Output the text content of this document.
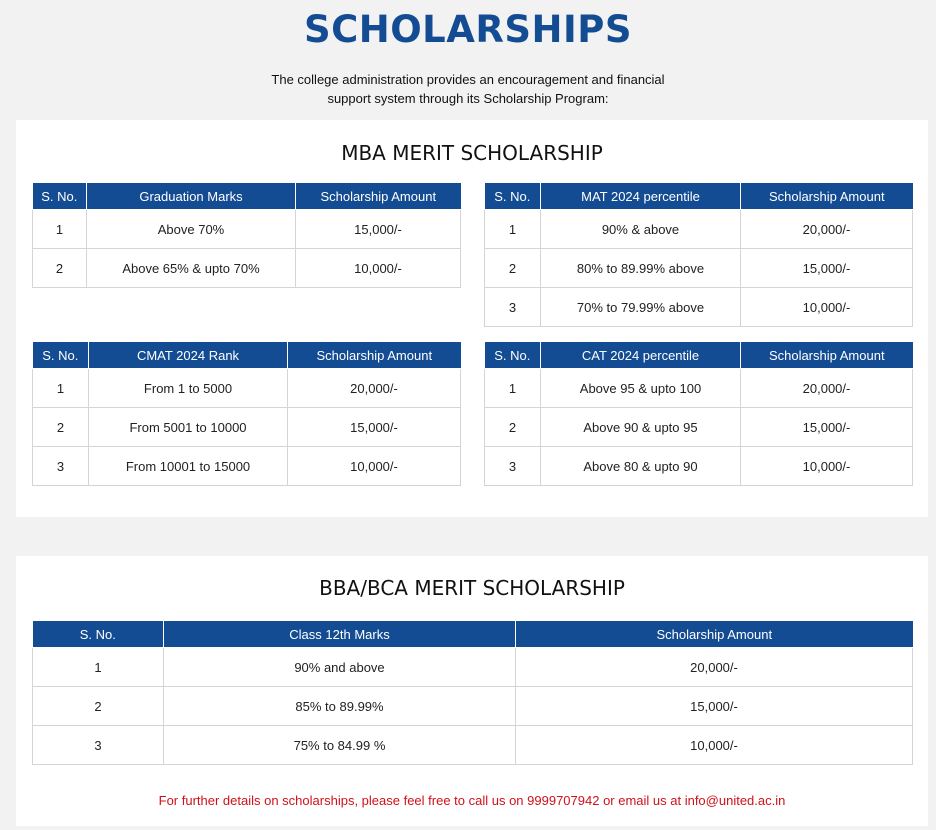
SCHOLARSHIPS

The college administration provides an encouragement and financial support system through its Scholarship Program:

MBA MERIT SCHOLARSHIP
S. No.	Graduation Marks	Scholarship Amount
1	Above 70%	15,000/-
2	Above 65% & upto 70%	10,000/-
S. No.	MAT 2024 percentile	Scholarship Amount
1	90% & above	20,000/-
2	80% to 89.99% above	15,000/-
3	70% to 79.99% above	10,000/-
S. No.	CMAT 2024 Rank	Scholarship Amount
1	From 1 to 5000	20,000/-
2	From 5001 to 10000	15,000/-
3	From 10001 to 15000	10,000/-
S. No.	CAT 2024 percentile	Scholarship Amount
1	Above 95 & upto 100	20,000/-
2	Above 90 & upto 95	15,000/-
3	Above 80 & upto 90	10,000/-
BBA/BCA MERIT SCHOLARSHIP
S. No.	Class 12th Marks	Scholarship Amount
1	90% and above	20,000/-
2	85% to 89.99%	15,000/-
3	75% to 84.99 %	10,000/-

For further details on scholarships, please feel free to call us on 9999707942 or email us at info@united.ac.in
